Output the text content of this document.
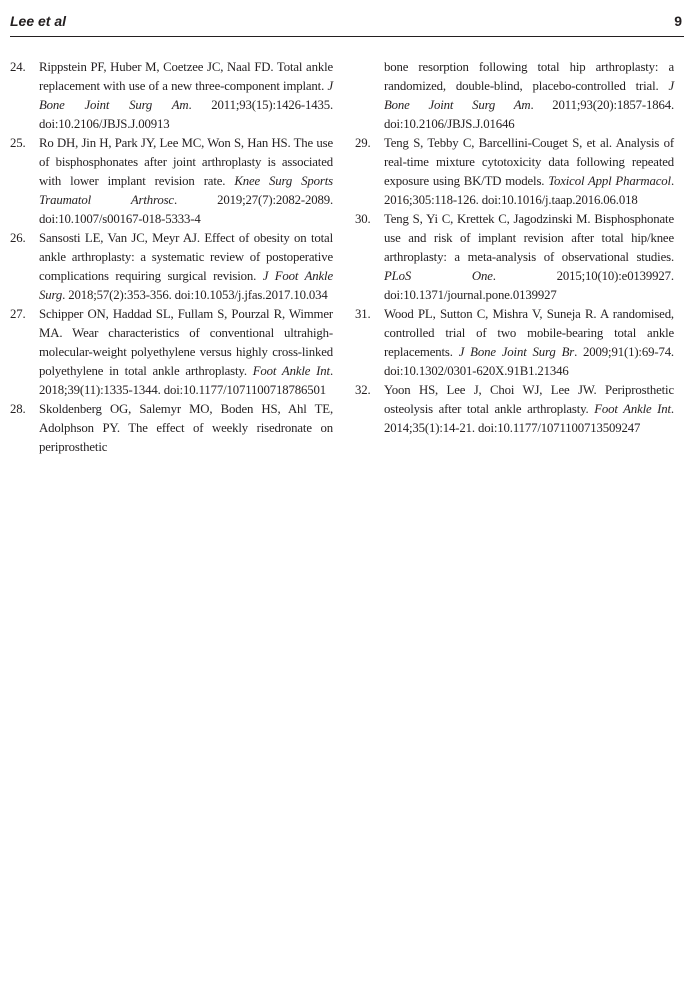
Lee et al	9

24.	Rippstein PF, Huber M, Coetzee JC, Naal FD. Total ankle replacement with use of a new three-component implant. J Bone Joint Surg Am. 2011;93(15):1426-1435. doi:10.2106/JBJS.J.00913

25.	Ro DH, Jin H, Park JY, Lee MC, Won S, Han HS. The use of bisphosphonates after joint arthroplasty is associated with lower implant revision rate. Knee Surg Sports Traumatol Arthrosc. 2019;27(7):2082-2089. doi:10.1007/s00167-018-5333-4

26.	Sansosti LE, Van JC, Meyr AJ. Effect of obesity on total ankle arthroplasty: a systematic review of postoperative complications requiring surgical revision. J Foot Ankle Surg. 2018;57(2):353-356. doi:10.1053/j.jfas.2017.10.034

27.	Schipper ON, Haddad SL, Fullam S, Pourzal R, Wimmer MA. Wear characteristics of conventional ultrahigh-molecular-weight polyethylene versus highly cross-linked polyethylene in total ankle arthroplasty. Foot Ankle Int. 2018;39(11):1335-1344. doi:10.1177/1071100718786501

28.	Skoldenberg OG, Salemyr MO, Boden HS, Ahl TE, Adolphson PY. The effect of weekly risedronate on periprosthetic

bone resorption following total hip arthroplasty: a randomized, double-blind, placebo-controlled trial. J Bone Joint Surg Am. 2011;93(20):1857-1864. doi:10.2106/JBJS.J.01646

29.	Teng S, Tebby C, Barcellini-Couget S, et al. Analysis of real-time mixture cytotoxicity data following repeated exposure using BK/TD models. Toxicol Appl Pharmacol. 2016;305:118-126. doi:10.1016/j.taap.2016.06.018

30.	Teng S, Yi C, Krettek C, Jagodzinski M. Bisphosphonate use and risk of implant revision after total hip/knee arthroplasty: a meta-analysis of observational studies. PLoS One. 2015;10(10):e0139927. doi:10.1371/journal.pone.0139927

31.	Wood PL, Sutton C, Mishra V, Suneja R. A randomised, controlled trial of two mobile-bearing total ankle replacements. J Bone Joint Surg Br. 2009;91(1):69-74. doi:10.1302/0301-620X.91B1.21346

32.	Yoon HS, Lee J, Choi WJ, Lee JW. Periprosthetic osteolysis after total ankle arthroplasty. Foot Ankle Int. 2014;35(1):14-21. doi:10.1177/1071100713509247
